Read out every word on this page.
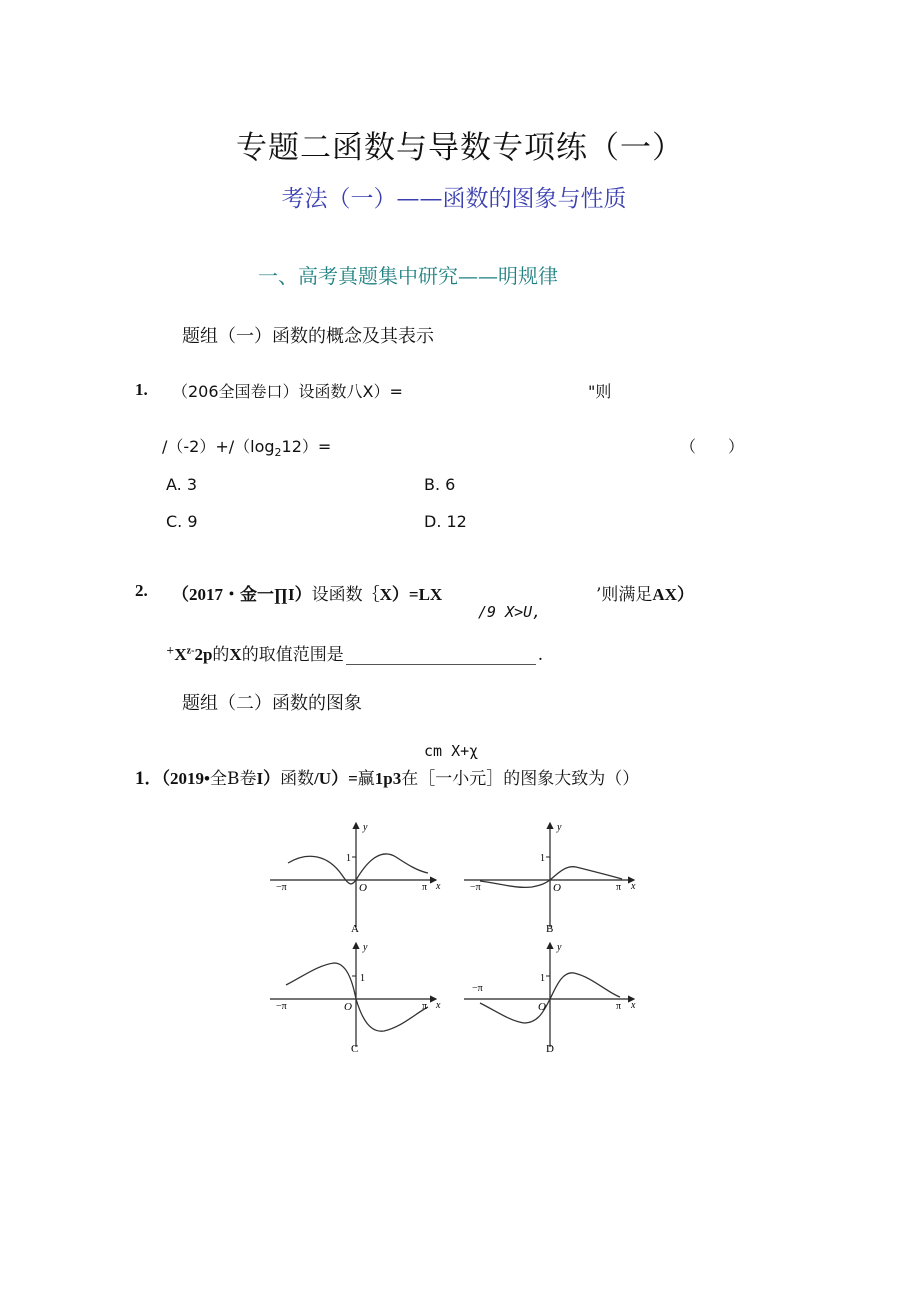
专题二函数与导数专项练（一）
考法（一）——函数的图象与性质
一、高考真题集中研究——明规律
题组（一）函数的概念及其表示
1. （206全国卷口）设函数八X）=	"则
$/(-2)+/(\log_212)=$	（　　）
A. 3	B. 6
C. 9	D. 12
2. （2017・金一∏I）设函数｛X）=LX
/9 X>U,
’则满足AX）
$^+X^{z-}2p$的X的取值范围是	.
题组（二）函数的图象
cm X+χ
1．（2019•全B卷I）函数/U）=赢1p3在［一小元］的图象大致为（）
y
x
1
O
−π	π
A
y
x
1
O
−π	π
B
y
x
1
O
−π	π
C
y
x
1
O
−π
π
D
